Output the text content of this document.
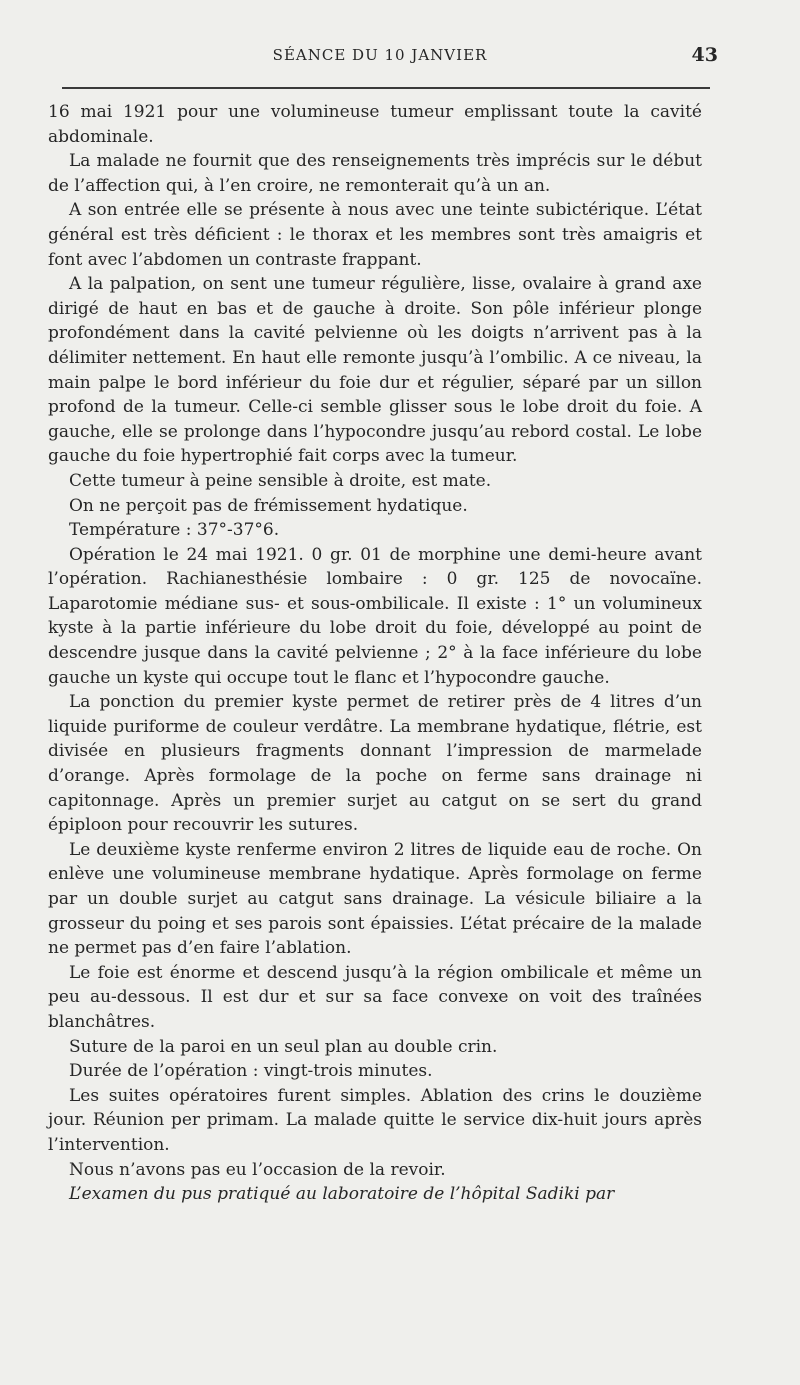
SÉANCE DU 10 JANVIER	43

16 mai 1921 pour une volumineuse tumeur emplissant toute la cavité abdominale.

La malade ne fournit que des renseignements très imprécis sur le début de l’affection qui, à l’en croire, ne remonterait qu’à un an.

A son entrée elle se présente à nous avec une teinte subictérique. L’état général est très déficient : le thorax et les membres sont très amaigris et font avec l’abdomen un contraste frappant.

A la palpation, on sent une tumeur régulière, lisse, ovalaire à grand axe dirigé de haut en bas et de gauche à droite. Son pôle inférieur plonge profondément dans la cavité pelvienne où les doigts n’arrivent pas à la délimiter nettement. En haut elle remonte jusqu’à l’ombilic. A ce niveau, la main palpe le bord inférieur du foie dur et régulier, séparé par un sillon profond de la tumeur. Celle-ci semble glisser sous le lobe droit du foie. A gauche, elle se prolonge dans l’hypocondre jusqu’au rebord costal. Le lobe gauche du foie hypertrophié fait corps avec la tumeur.

Cette tumeur à peine sensible à droite, est mate.

On ne perçoit pas de frémissement hydatique.

Température : 37°-37°6.

Opération le 24 mai 1921. 0 gr. 01 de morphine une demi-heure avant l’opération. Rachianesthésie lombaire : 0 gr. 125 de novocaïne. Laparotomie médiane sus- et sous-ombilicale. Il existe : 1° un volumineux kyste à la partie inférieure du lobe droit du foie, développé au point de descendre jusque dans la cavité pelvienne ; 2° à la face inférieure du lobe gauche un kyste qui occupe tout le flanc et l’hypocondre gauche.

La ponction du premier kyste permet de retirer près de 4 litres d’un liquide puriforme de couleur verdâtre. La membrane hydatique, flétrie, est divisée en plusieurs fragments donnant l’impression de marmelade d’orange. Après formolage de la poche on ferme sans drainage ni capitonnage. Après un premier surjet au catgut on se sert du grand épiploon pour recouvrir les sutures.

Le deuxième kyste renferme environ 2 litres de liquide eau de roche. On enlève une volumineuse membrane hydatique. Après formolage on ferme par un double surjet au catgut sans drainage. La vésicule biliaire a la grosseur du poing et ses parois sont épaissies. L’état précaire de la malade ne permet pas d’en faire l’ablation.

Le foie est énorme et descend jusqu’à la région ombilicale et même un peu au-dessous. Il est dur et sur sa face convexe on voit des traînées blanchâtres.

Suture de la paroi en un seul plan au double crin.

Durée de l’opération : vingt-trois minutes.

Les suites opératoires furent simples. Ablation des crins le douzième jour. Réunion per primam. La malade quitte le service dix-huit jours après l’intervention.

Nous n’avons pas eu l’occasion de la revoir.

L’examen du pus pratiqué au laboratoire de l’hôpital Sadiki par
